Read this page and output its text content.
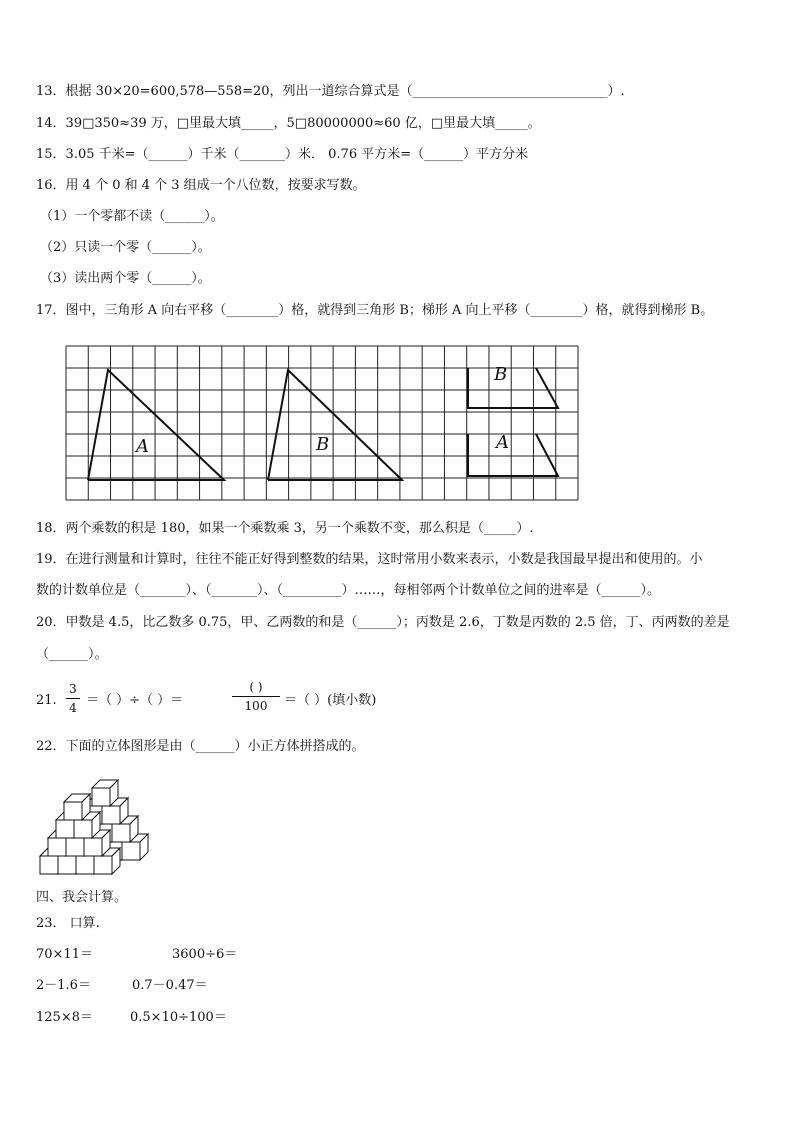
13．根据 30×20=600,578—558=20，列出一道综合算式是（______________________________）.
14．39□350≈39 万，□里最大填_____，5□80000000≈60 亿，□里最大填_____。
15．3.05 千米=（______）千米（_______）米． 0.76 平方米=（______）平方分米
16．用 4 个 0 和 4 个 3 组成一个八位数，按要求写数。
（1）一个零都不读（______）。
（2）只读一个零（______）。
（3）读出两个零（______）。
17．图中，三角形 A 向右平移（________）格，就得到三角形 B；梯形 A 向上平移（________）格，就得到梯形 B。
A	B
B
A
18．两个乘数的积是 180，如果一个乘数乘 3，另一个乘数不变，那么积是（_____）.
19．在进行测量和计算时，往往不能正好得到整数的结果，这时常用小数来表示，小数是我国最早提出和使用的。小
数的计数单位是（_______）、（_______）、（_________）……，每相邻两个计数单位之间的进率是（______）。
20．甲数是 4.5，比乙数多 0.75，甲、乙两数的和是（______）；丙数是 2.6，丁数是丙数的 2.5 倍，丁、丙两数的差是
（______）。
21.
3
4 ＝（ ）÷（ ）＝
( )
100 ＝（ ）(填小数)
22．下面的立体图形是由（______）小正方体拼搭成的。
四、我会计算。
23． 口算.
70×11＝	3600÷6＝
2－1.6＝	0.7－0.47＝
125×8＝	0.5×10÷100＝
